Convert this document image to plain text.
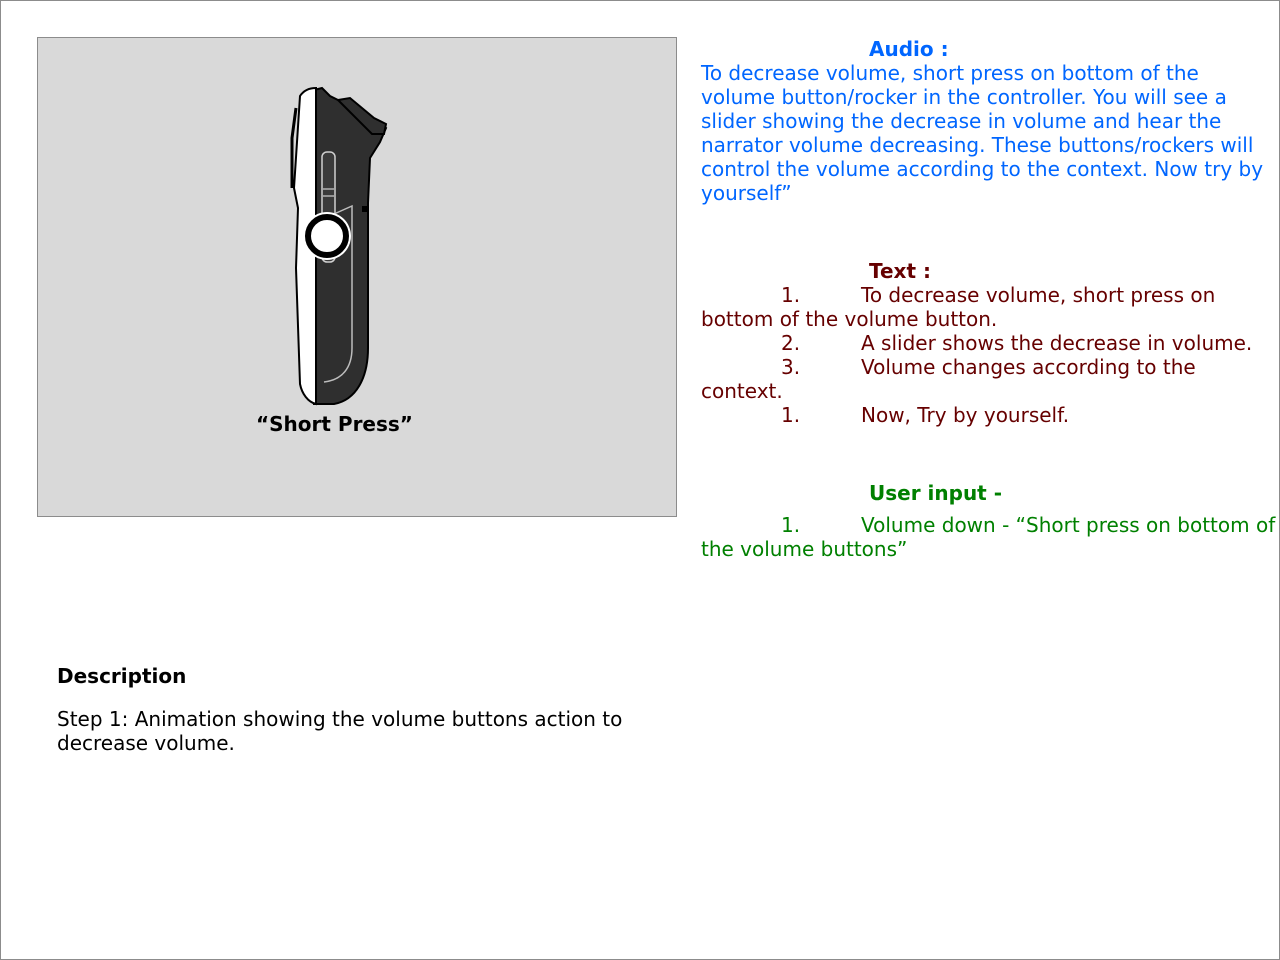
“Short Press”
Audio :
To decrease volume, short press on bottom of the volume button/rocker in the controller. You will see a slider showing the decrease in volume and hear the narrator volume decreasing. These buttons/rockers will control the volume according to the context. Now try by yourself”
Text :

1.	To decrease volume, short press on bottom of the volume button.

2.	A slider shows the decrease in volume.

3.	Volume changes according to the context.

1.	Now, Try by yourself.

User input -

1.	Volume down - “Short press on bottom of the volume buttons”

Description
Step 1: Animation showing the volume buttons action to decrease volume.
